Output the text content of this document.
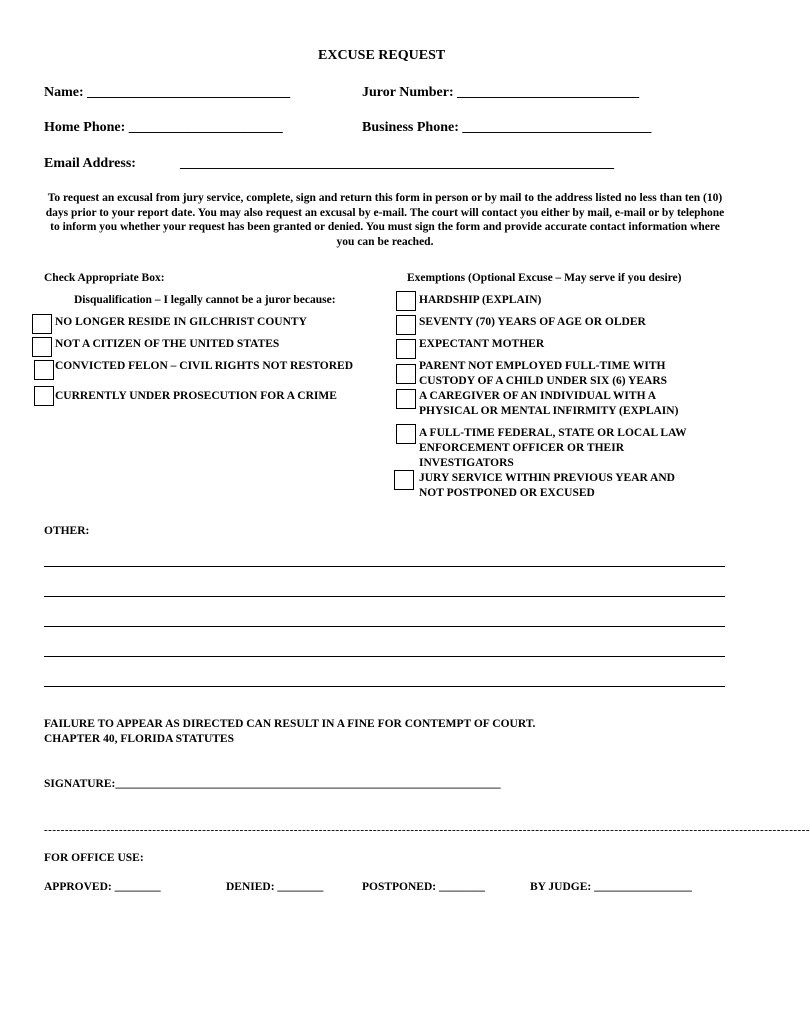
EXCUSE REQUEST
Name: _____________________________	Juror Number: __________________________
Home Phone: ______________________	Business Phone: ___________________________
Email Address:	______________________________________________________________
To request an excusal from jury service, complete, sign and return this form in person or by mail to the address listed no less than ten (10) days prior to your report date. You may also request an excusal by e-mail. The court will contact you either by mail, e-mail or by telephone to inform you whether your request has been granted or denied. You must sign the form and provide accurate contact information where you can be reached.
Check Appropriate Box:	Exemptions (Optional Excuse – May serve if you desire)
Disqualification – I legally cannot be a juror because:
NO LONGER RESIDE IN GILCHRIST COUNTY
NOT A CITIZEN OF THE UNITED STATES
CONVICTED FELON – CIVIL RIGHTS NOT RESTORED
CURRENTLY UNDER PROSECUTION FOR A CRIME
HARDSHIP (EXPLAIN)
SEVENTY (70) YEARS OF AGE OR OLDER
EXPECTANT MOTHER
PARENT NOT EMPLOYED FULL-TIME WITH
CUSTODY OF A CHILD UNDER SIX (6) YEARS
A CAREGIVER OF AN INDIVIDUAL WITH A
PHYSICAL OR MENTAL INFIRMITY (EXPLAIN)
A FULL-TIME FEDERAL, STATE OR LOCAL LAW
ENFORCEMENT OFFICER OR THEIR
INVESTIGATORS
JURY SERVICE WITHIN PREVIOUS YEAR AND
NOT POSTPONED OR EXCUSED
OTHER:
FAILURE TO APPEAR AS DIRECTED CAN RESULT IN A FINE FOR CONTEMPT OF COURT.
CHAPTER 40, FLORIDA STATUTES
SIGNATURE:___________________________________________________________________
----------------------------------------------------------------------------------------------------------------------------------------------------------------------------------------
FOR OFFICE USE:
APPROVED: ________	DENIED: ________	POSTPONED: ________	BY JUDGE: _________________
